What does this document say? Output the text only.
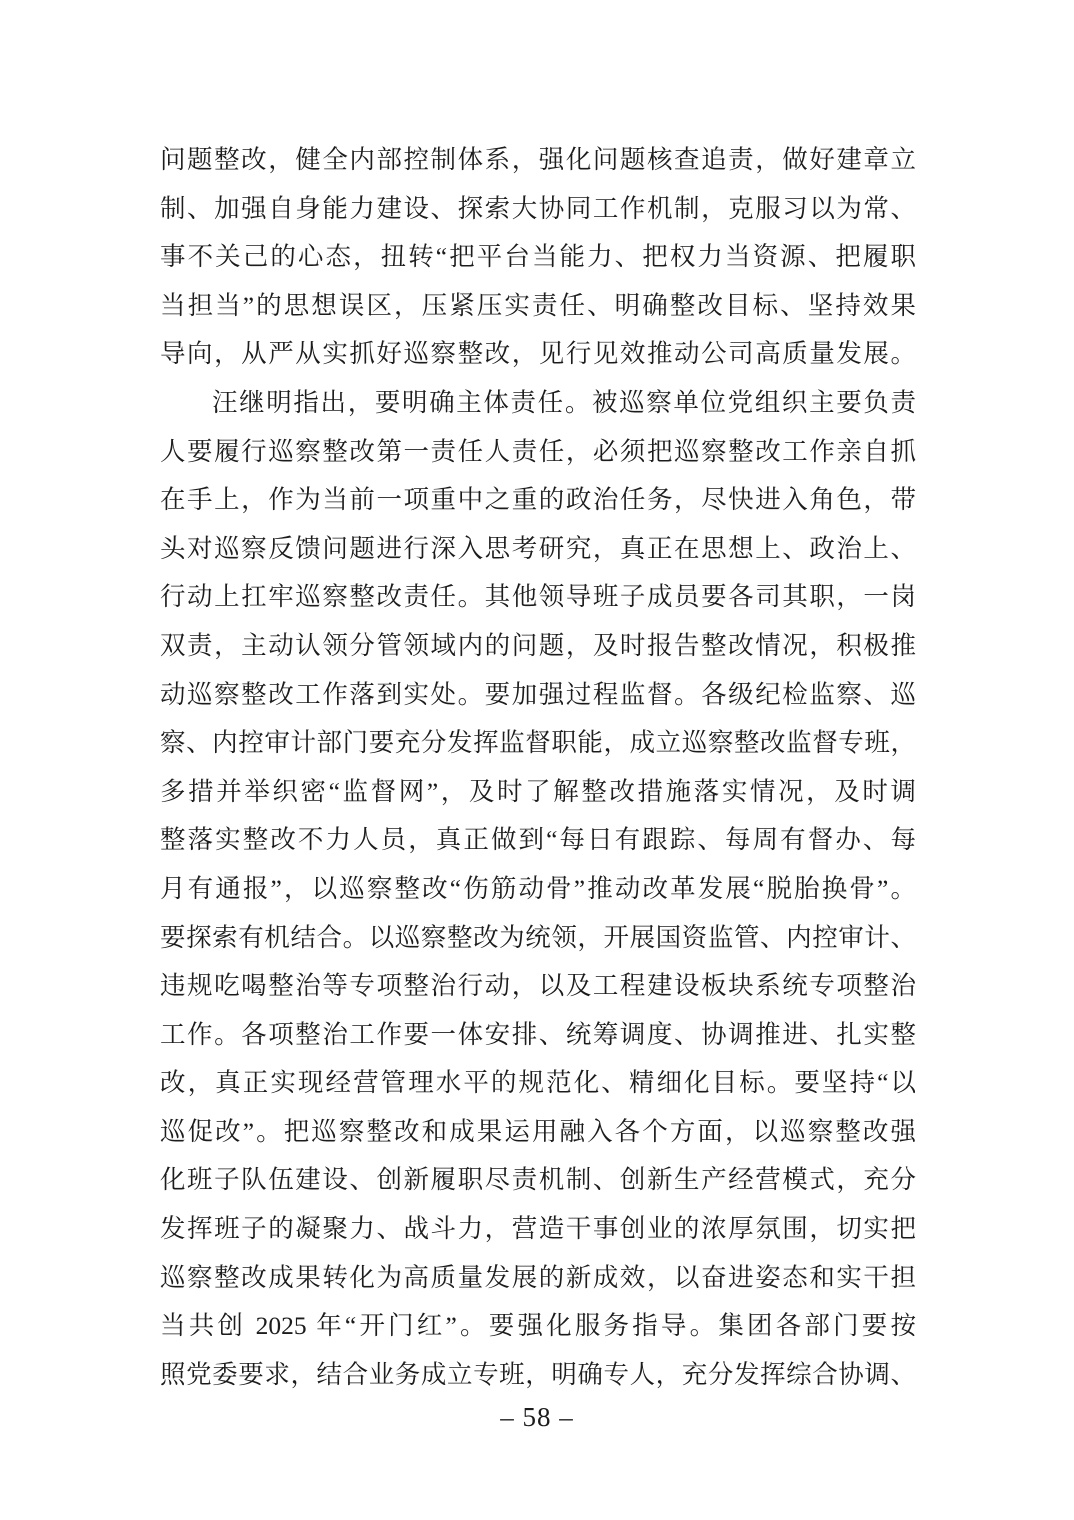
问题整改，健全内部控制体系，强化问题核查追责，做好建章立
制、加强自身能力建设、探索大协同工作机制，克服习以为常、
事不关己的心态，扭转“把平台当能力、把权力当资源、把履职
当担当”的思想误区，压紧压实责任、明确整改目标、坚持效果
导向，从严从实抓好巡察整改，见行见效推动公司高质量发展。
汪继明指出，要明确主体责任。被巡察单位党组织主要负责
人要履行巡察整改第一责任人责任，必须把巡察整改工作亲自抓
在手上，作为当前一项重中之重的政治任务，尽快进入角色，带
头对巡察反馈问题进行深入思考研究，真正在思想上、政治上、
行动上扛牢巡察整改责任。其他领导班子成员要各司其职，一岗
双责，主动认领分管领域内的问题，及时报告整改情况，积极推
动巡察整改工作落到实处。要加强过程监督。各级纪检监察、巡
察、内控审计部门要充分发挥监督职能，成立巡察整改监督专班，
多措并举织密“监督网”，及时了解整改措施落实情况，及时调
整落实整改不力人员，真正做到“每日有跟踪、每周有督办、每
月有通报”，以巡察整改“伤筋动骨”推动改革发展“脱胎换骨”。
要探索有机结合。以巡察整改为统领，开展国资监管、内控审计、
违规吃喝整治等专项整治行动，以及工程建设板块系统专项整治
工作。各项整治工作要一体安排、统筹调度、协调推进、扎实整
改，真正实现经营管理水平的规范化、精细化目标。要坚持“以
巡促改”。把巡察整改和成果运用融入各个方面，以巡察整改强
化班子队伍建设、创新履职尽责机制、创新生产经营模式，充分
发挥班子的凝聚力、战斗力，营造干事创业的浓厚氛围，切实把
巡察整改成果转化为高质量发展的新成效，以奋进姿态和实干担
当共创 2025 年“开门红”。要强化服务指导。集团各部门要按
照党委要求，结合业务成立专班，明确专人，充分发挥综合协调、
– 58 –
